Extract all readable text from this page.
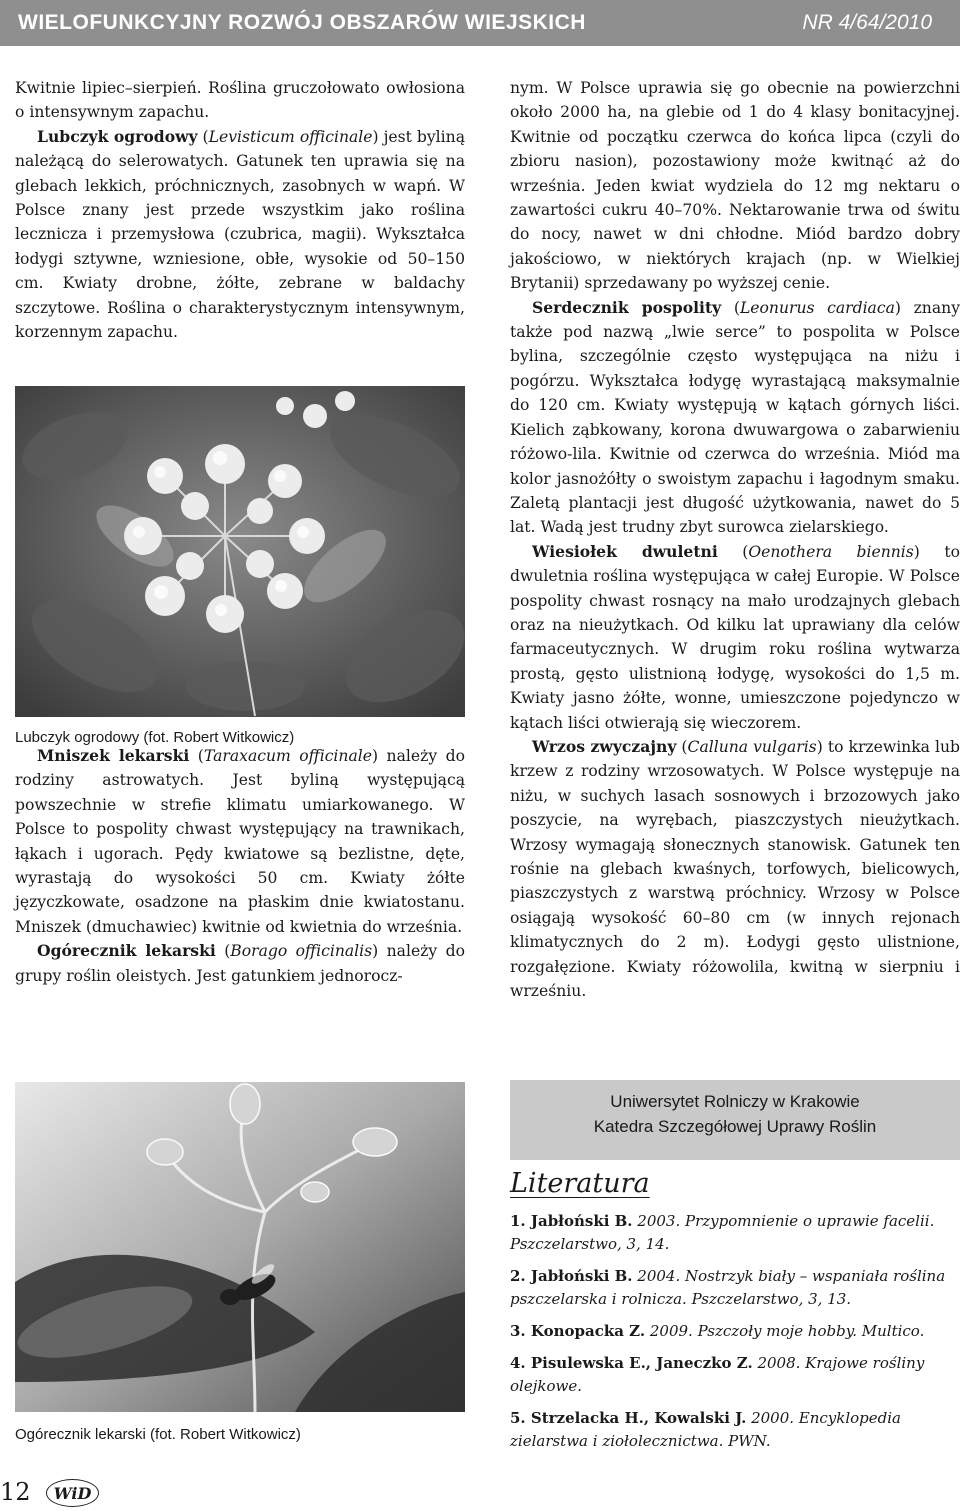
WIELOFUNKCYJNY ROZWÓJ OBSZARÓW WIEJSKICH	NR 4/64/2010

Kwitnie lipiec–sierpień. Roślina gruczołowato owłosiona o intensywnym zapachu.

Lubczyk ogrodowy (Levisticum officinale) jest byliną należącą do selerowatych. Gatunek ten uprawia się na glebach lekkich, próchnicznych, zasobnych w wapń. W Polsce znany jest przede wszystkim jako roślina lecznicza i przemysłowa (czubrica, magii). Wykształca łodygi sztywne, wzniesione, obłe, wysokie od 50–150 cm. Kwiaty drobne, żółte, zebrane w baldachy szczytowe. Roślina o charakterystycznym intensywnym, korzennym zapachu.

Lubczyk ogrodowy (fot. Robert Witkowicz)

Mniszek lekarski (Taraxacum officinale) należy do rodziny astrowatych. Jest byliną występującą powszechnie w strefie klimatu umiarkowanego. W Polsce to pospolity chwast występujący na trawnikach, łąkach i ugorach. Pędy kwiatowe są bezlistne, dęte, wyrastają do wysokości 50 cm. Kwiaty żółte języczkowate, osadzone na płaskim dnie kwiatostanu. Mniszek (dmuchawiec) kwitnie od kwietnia do września.

Ogórecznik lekarski (Borago officinalis) należy do grupy roślin oleistych. Jest gatunkiem jednorocz-

nym. W Polsce uprawia się go obecnie na powierzchni około 2000 ha, na glebie od 1 do 4 klasy bonitacyjnej. Kwitnie od początku czerwca do końca lipca (czyli do zbioru nasion), pozostawiony może kwitnąć aż do września. Jeden kwiat wydziela do 12 mg nektaru o zawartości cukru 40–70%. Nektarowanie trwa od świtu do nocy, nawet w dni chłodne. Miód bardzo dobry jakościowo, w niektórych krajach (np. w Wielkiej Brytanii) sprzedawany po wyższej cenie.

Serdecznik pospolity (Leonurus cardiaca) znany także pod nazwą „lwie serce” to pospolita w Polsce bylina, szczególnie często występująca na niżu i pogórzu. Wykształca łodygę wyrastającą maksymalnie do 120 cm. Kwiaty występują w kątach górnych liści. Kielich ząbkowany, korona dwuwargowa o zabarwieniu różowo-lila. Kwitnie od czerwca do września. Miód ma kolor jasnożółty o swoistym zapachu i łagodnym smaku. Zaletą plantacji jest długość użytkowania, nawet do 5 lat. Wadą jest trudny zbyt surowca zielarskiego.

Wiesiołek dwuletni (Oenothera biennis) to dwuletnia roślina występująca w całej Europie. W Polsce pospolity chwast rosnący na mało urodzajnych glebach oraz na nieużytkach. Od kilku lat uprawiany dla celów farmaceutycznych. W drugim roku roślina wytwarza prostą, gęsto ulistnioną łodygę, wysokości do 1,5 m. Kwiaty jasno żółte, wonne, umieszczone pojedynczo w kątach liści otwierają się wieczorem.

Wrzos zwyczajny (Calluna vulgaris) to krzewinka lub krzew z rodziny wrzosowatych. W Polsce występuje na niżu, w suchych lasach sosnowych i brzozowych jako poszycie, na wyrębach, piaszczystych nieużytkach. Wrzosy wymagają słonecznych stanowisk. Gatunek ten rośnie na glebach kwaśnych, torfowych, bielicowych, piaszczystych z warstwą próchnicy. Wrzosy w Polsce osiągają wysokość 60–80 cm (w innych rejonach klimatycznych do 2 m). Łodygi gęsto ulistnione, rozgałęzione. Kwiaty różowolila, kwitną w sierpniu i wrześniu.

Ogórecznik lekarski (fot. Robert Witkowicz)
Uniwersytet Rolniczy w Krakowie
Katedra Szczegółowej Uprawy Roślin
Literatura

1. Jabłoński B. 2003. Przypomnienie o uprawie facelii. Pszczelarstwo, 3, 14.

2. Jabłoński B. 2004. Nostrzyk biały – wspaniała roślina pszczelarska i rolnicza. Pszczelarstwo, 3, 13.

3. Konopacka Z. 2009. Pszczoły moje hobby. Multico.

4. Pisulewska E., Janeczko Z. 2008. Krajowe rośliny olejkowe.

5. Strzelacka H., Kowalski J. 2000. Encyklopedia zielarstwa i ziołolecznictwa. PWN.

12	WiD
